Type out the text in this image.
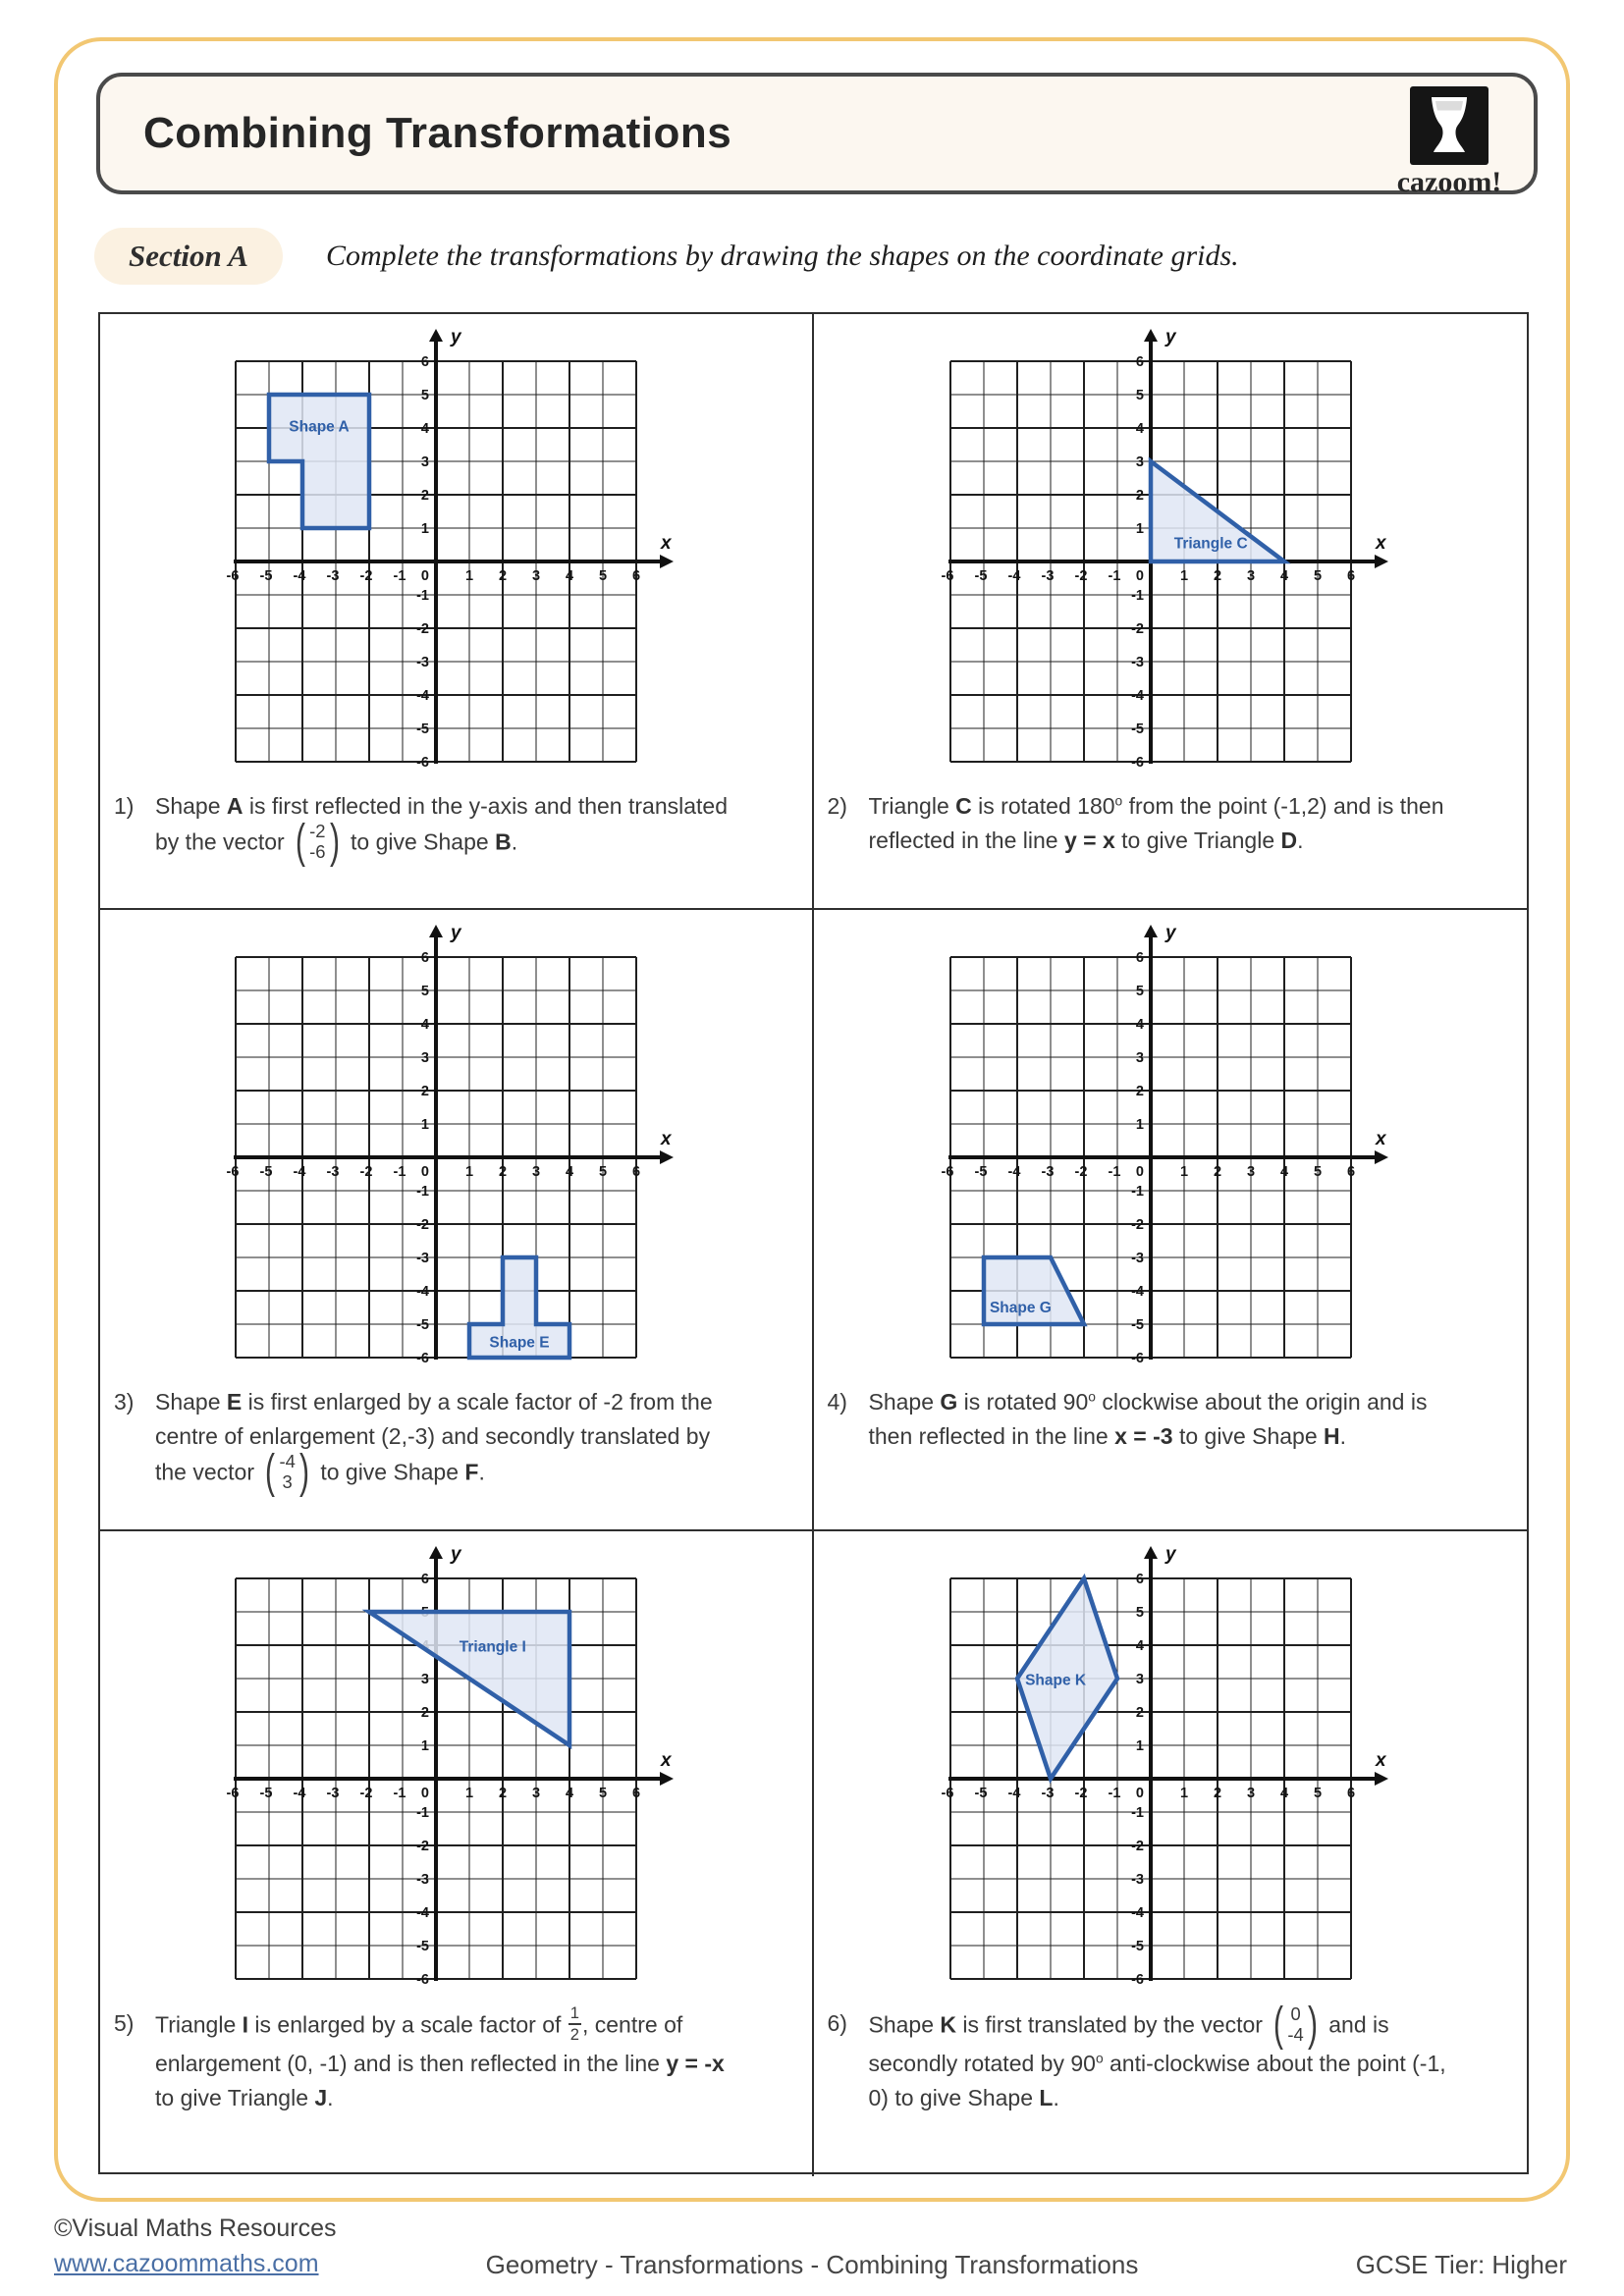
Combining Transformations
cazoom!
Section A	Complete the transformations by drawing the shapes on the coordinate grids.
x
y
-6
-6
-5
-5
-4
-4
-3
-3
-2
-2
-1
-1
0	1
1
2
2
3
3
4
4
5
5
6
6
Shape A
1) Shape A is first reflected in the y-axis and then translated by the vector ( -2
-6 ) to give Shape B.
x
y
-6
-6
-5
-5
-4
-4
-3
-3
-2
-2
-1
-1
0	1
1
2
2
3
3
4
4
5
5
6
6
Triangle C
2) Triangle C is rotated 180$^o$ from the point (-1,2) and is then reflected in the line y = x to give Triangle D.
x
y
-6
-6
-5
-5
-4
-4
-3
-3
-2
-2
-1
-1
0	1
1
2
2
3
3
4
4
5
5
6
6
Shape E
3) Shape E is first enlarged by a scale factor of -2 from the centre of enlargement (2,-3) and secondly translated by the vector ( -4
3 ) to give Shape F.
x
y
-6
-6
-5
-5
-4
-4
-3
-3
-2
-2
-1
-1
0	1
1
2
2
3
3
4
4
5
5
6
6
Shape G
4) Shape G is rotated 90$^o$ clockwise about the origin and is then reflected in the line x = -3 to give Shape H.
x
y
-6
-6
-5
-5
-4
-4
-3
-3
-2
-2
-1
-1
0	1
1
2
2
3
3
4 5 6
6
Triangle I
5) Triangle I is enlarged by a scale factor of $\frac{1}{2}$ , centre of enlargement (0, -1) and is then reflected in the line y = -x to give Triangle J.
x
y
-6
-6
-5
-5
-4
-4
-3
-3
-2
-2
-1
-1
0	1
1
2
2
3
3
4
4
5
5
6
6
Shape K
6) Shape K is first translated by the vector ( 0
-4 ) and is secondly rotated by 90$^o$ anti-clockwise about the point (-1, 0) to give Shape L.
©Visual Maths Resources
www.cazoommaths.com	Geometry - Transformations - Combining Transformations	GCSE Tier: Higher
